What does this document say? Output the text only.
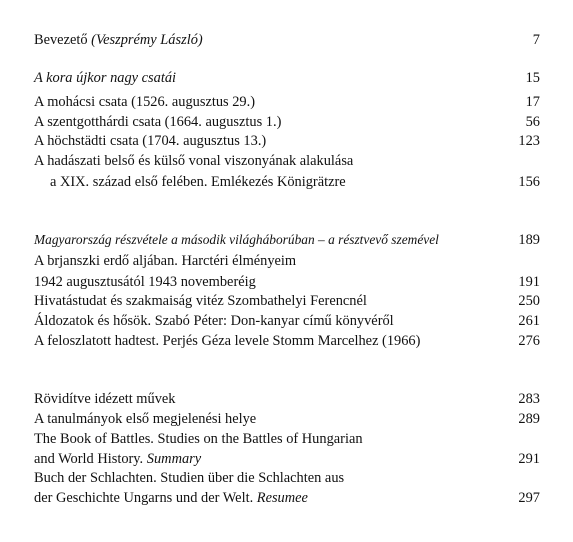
Bevezető (Veszprémy László)	7
A kora újkor nagy csatái	15
A mohácsi csata (1526. augusztus 29.)	17
A szentgotthárdi csata (1664. augusztus 1.)	56
A höchstädti csata (1704. augusztus 13.)	123
A hadászati belső és külső vonal viszonyának alakulása
a XIX. század első felében. Emlékezés Königrätzre	156
Magyarország részvétele a második világháborúban – a résztvevő szemével	189
A brjanszki erdő aljában. Harctéri élményeim
1942 augusztusától 1943 novemberéig	191
Hivatástudat és szakmaiság vitéz Szombathelyi Ferencnél	250
Áldozatok és hősök. Szabó Péter: Don-kanyar című könyvéről	261
A feloszlatott hadtest. Perjés Géza levele Stomm Marcelhez (1966)	276
Rövidítve idézett művek	283
A tanulmányok első megjelenési helye	289
The Book of Battles. Studies on the Battles of Hungarian
and World History. Summary	291
Buch der Schlachten. Studien über die Schlachten aus
der Geschichte Ungarns und der Welt. Resumee	297
